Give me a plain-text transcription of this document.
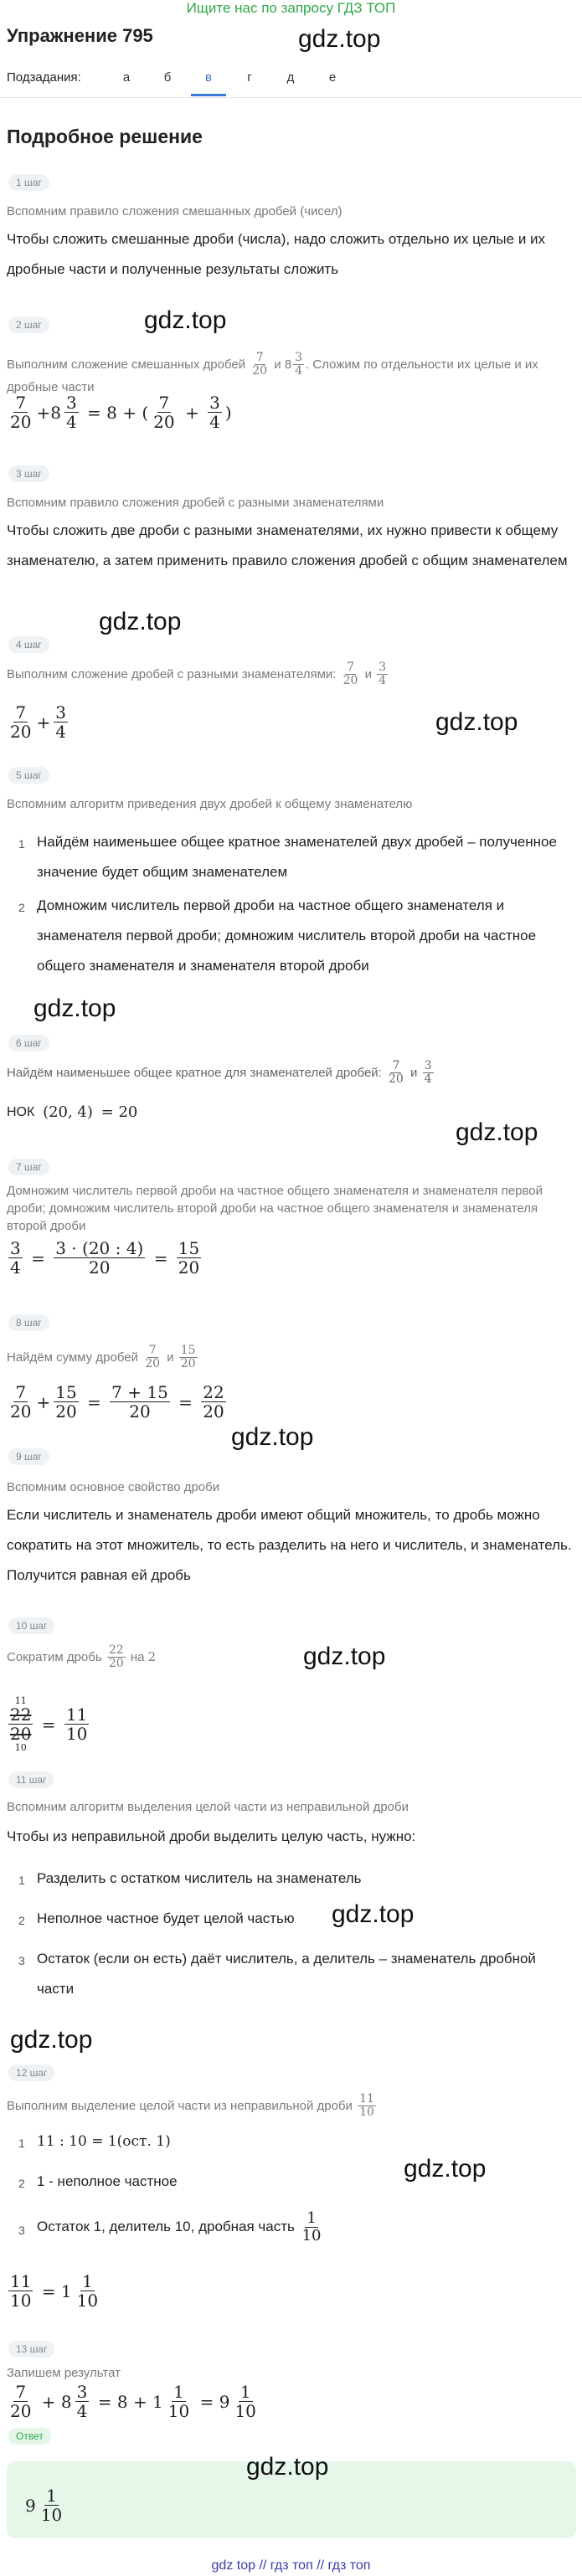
Ищите нас по запросу ГДЗ ТОП
gdz.top
Упражнение 795
Подзадания:	а	б	в	г	д	е
Подробное решение
1 шаг
Вспомним правило сложения смешанных дробей (чисел)
Чтобы сложить смешанные дроби (числа), надо сложить отдельно их целые и их дробные части и полученные результаты сложить
2 шаг	gdz.top
Выполним сложение смешанных дробей $\frac{7}{20}$ и $8 \frac{3}{4}$ . Сложим по отдельности их целые и их дробные части
$\frac{7}{20} +8 \frac{3}{4} = 8$ + ( $\frac{7}{20} + \frac{3}{4}$ )
3 шаг
Вспомним правило сложения дробей с разными знаменателями
Чтобы сложить две дроби с разными знаменателями, их нужно привести к общему знаменателю, а затем применить правило сложения дробей с общим знаменателем
gdz.top
4 шаг
Выполним сложение дробей с разными знаменателями: $\frac{7}{20}$ и $\frac{3}{4}$
gdz.top
$\frac{7}{20} + \frac{3}{4}$
5 шаг
Вспомним алгоритм приведения двух дробей к общему знаменателю
1 Найдём наименьшее общее кратное знаменателей двух дробей – полученное значение будет общим знаменателем
2 Домножим числитель первой дроби на частное общего знаменателя и знаменателя первой дроби; домножим числитель второй дроби на частное общего знаменателя и знаменателя второй дроби
gdz.top
6 шаг
Найдём наименьшее общее кратное для знаменателей дробей: $\frac{7}{20}$ и $\frac{3}{4}$
НОК
(20, 4)
= 20
gdz.top
7 шаг
Домножим числитель первой дроби на частное общего знаменателя и знаменателя первой дроби; домножим числитель второй дроби на частное общего знаменателя и знаменателя второй дроби
$\frac{3}{4} = \frac{3 \cdot (20 : 4)}{20} = \frac{15}{20}$
8 шаг
Найдём сумму дробей $\frac{7}{20}$ и $\frac{15}{20}$
$\frac{7}{20} + \frac{15}{20} = \frac{7 + 15}{20} = \frac{22}{20}$
gdz.top
9 шаг
Вспомним основное свойство дроби
Если числитель и знаменатель дроби имеют общий множитель, то дробь можно сократить на этот множитель, то есть разделить на него и числитель, и знаменатель. Получится равная ей дробь
10 шаг
Сократим дробь $\frac{22}{20}$ на 2	gdz.top
11
22
20
10
= $\frac{11}{10}$
11 шаг
Вспомним алгоритм выделения целой части из неправильной дроби
Чтобы из неправильной дроби выделить целую часть, нужно:
1 Разделить с остатком числитель на знаменатель
2 Неполное частное будет целой частью	gdz.top
3 Остаток (если он есть) даёт числитель, а делитель – знаменатель дробной части
gdz.top
12 шаг
Выполним выделение целой части из неправильной дроби $\frac{11}{10}$
1 11 : 10 = 1(ост. 1)
2 1 - неполное частное	gdz.top
3 Остаток 1, делитель 10, дробная часть
$\frac{1}{10}$
$\frac{11}{10} = 1 \frac{1}{10}$
13 шаг
Запишем результат
$\frac{7}{20} + 8 \frac{3}{4} = 8 + 1 \frac{1}{10} = 9 \frac{1}{10}$
Ответ
gdz.top
$9 \frac{1}{10}$
gdz top // гдз топ // гдз топ
